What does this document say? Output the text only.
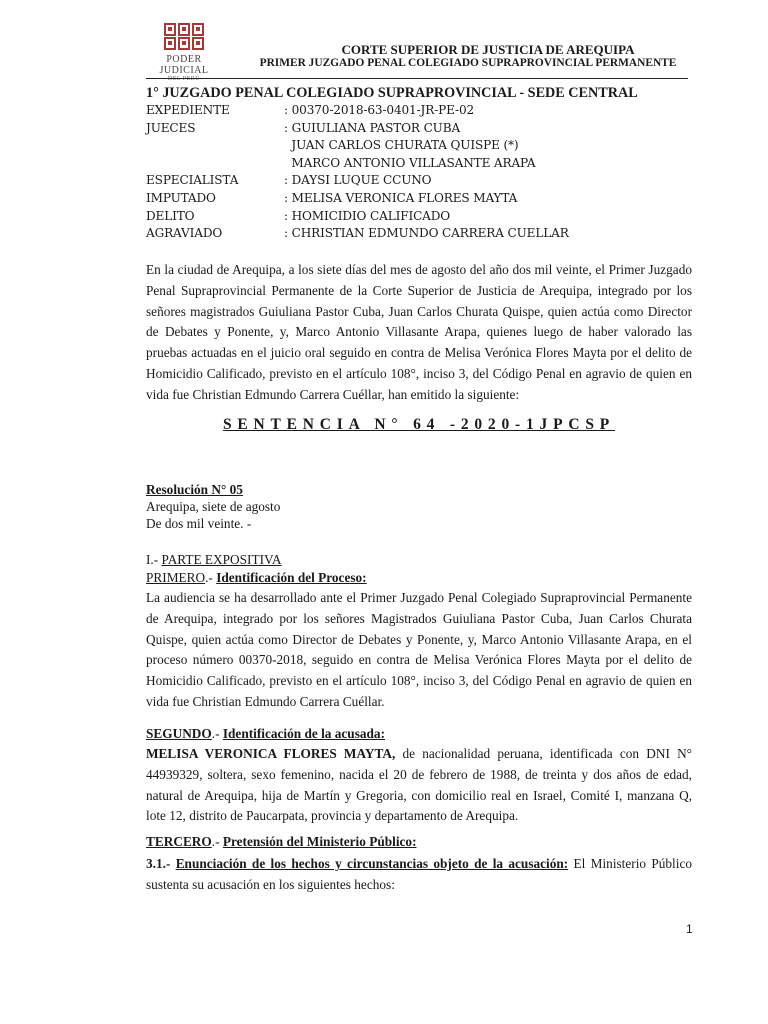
PODER JUDICIAL
DEL PERÚ
CORTE SUPERIOR DE JUSTICIA DE AREQUIPA
PRIMER JUZGADO PENAL COLEGIADO SUPRAPROVINCIAL PERMANENTE
1° JUZGADO PENAL COLEGIADO SUPRAPROVINCIAL - SEDE CENTRAL
EXPEDIENTE	: 00370-2018-63-0401-JR-PE-02
JUECES	: GUIULIANA PASTOR CUBA
JUAN CARLOS CHURATA QUISPE (*)
MARCO ANTONIO VILLASANTE ARAPA
ESPECIALISTA	: DAYSI LUQUE CCUNO
IMPUTADO	: MELISA VERONICA FLORES MAYTA
DELITO	: HOMICIDIO CALIFICADO
AGRAVIADO	: CHRISTIAN EDMUNDO CARRERA CUELLAR

En la ciudad de Arequipa, a los siete días del mes de agosto del año dos mil veinte, el Primer Juzgado Penal Supraprovincial Permanente de la Corte Superior de Justicia de Arequipa, integrado por los señores magistrados Guiuliana Pastor Cuba, Juan Carlos Churata Quispe, quien actúa como Director de Debates y Ponente, y, Marco Antonio Villasante Arapa, quienes luego de haber valorado las pruebas actuadas en el juicio oral seguido en contra de Melisa Verónica Flores Mayta por el delito de Homicidio Calificado, previsto en el artículo 108°, inciso 3, del Código Penal en agravio de quien en vida fue Christian Edmundo Carrera Cuéllar, han emitido la siguiente:

SENTENCIA N° 64 -2020-1JPCSP
Resolución N° 05
Arequipa, siete de agosto
De dos mil veinte. -
I.- PARTE EXPOSITIVA
PRIMERO.- Identificación del Proceso:

La audiencia se ha desarrollado ante el Primer Juzgado Penal Colegiado Supraprovincial Permanente de Arequipa, integrado por los señores Magistrados Guiuliana Pastor Cuba, Juan Carlos Churata Quispe, quien actúa como Director de Debates y Ponente, y, Marco Antonio Villasante Arapa, en el proceso número 00370-2018, seguido en contra de Melisa Verónica Flores Mayta por el delito de Homicidio Calificado, previsto en el artículo 108°, inciso 3, del Código Penal en agravio de quien en vida fue Christian Edmundo Carrera Cuéllar.

SEGUNDO.- Identificación de la acusada:

MELISA VERONICA FLORES MAYTA, de nacionalidad peruana, identificada con DNI N° 44939329, soltera, sexo femenino, nacida el 20 de febrero de 1988, de treinta y dos años de edad, natural de Arequipa, hija de Martín y Gregoria, con domicilio real en Israel, Comité I, manzana Q, lote 12, distrito de Paucarpata, provincia y departamento de Arequipa.

TERCERO.- Pretensión del Ministerio Público:

3.1.- Enunciación de los hechos y circunstancias objeto de la acusación: El Ministerio Público sustenta su acusación en los siguientes hechos:

1
